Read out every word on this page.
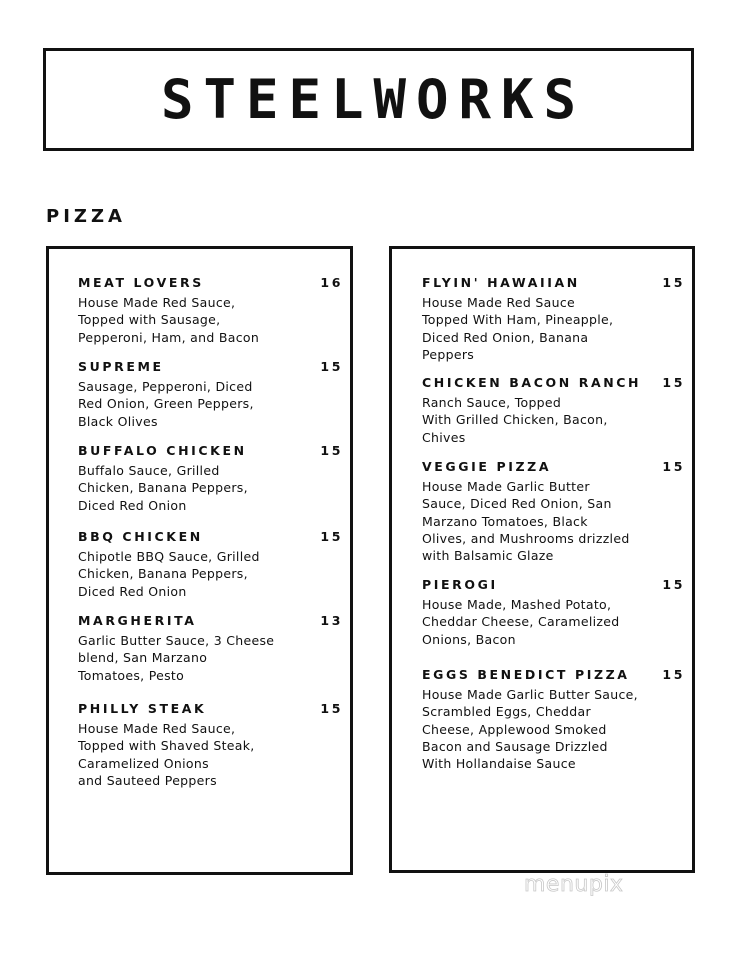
STEELWORKS
PIZZA
MEAT LOVERS	16
House Made Red Sauce,
Topped with Sausage,
Pepperoni, Ham, and Bacon
SUPREME	15
Sausage, Pepperoni, Diced
Red Onion, Green Peppers,
Black Olives
BUFFALO CHICKEN	15
Buffalo Sauce, Grilled
Chicken, Banana Peppers,
Diced Red Onion
BBQ CHICKEN	15
Chipotle BBQ Sauce, Grilled
Chicken, Banana Peppers,
Diced Red Onion
MARGHERITA	13
Garlic Butter Sauce, 3 Cheese
blend, San Marzano
Tomatoes, Pesto
PHILLY STEAK	15
House Made Red Sauce,
Topped with Shaved Steak,
Caramelized Onions
and Sauteed Peppers
FLYIN' HAWAIIAN	15
House Made Red Sauce
Topped With Ham, Pineapple,
Diced Red Onion, Banana
Peppers
CHICKEN BACON RANCH 15
Ranch Sauce, Topped
With Grilled Chicken, Bacon,
Chives
VEGGIE PIZZA	15
House Made Garlic Butter
Sauce, Diced Red Onion, San
Marzano Tomatoes, Black
Olives, and Mushrooms drizzled
with Balsamic Glaze
PIEROGI	15
House Made, Mashed Potato,
Cheddar Cheese, Caramelized
Onions, Bacon
EGGS BENEDICT PIZZA	15
House Made Garlic Butter Sauce,
Scrambled Eggs, Cheddar
Cheese, Applewood Smoked
Bacon and Sausage Drizzled
With Hollandaise Sauce
menupix
